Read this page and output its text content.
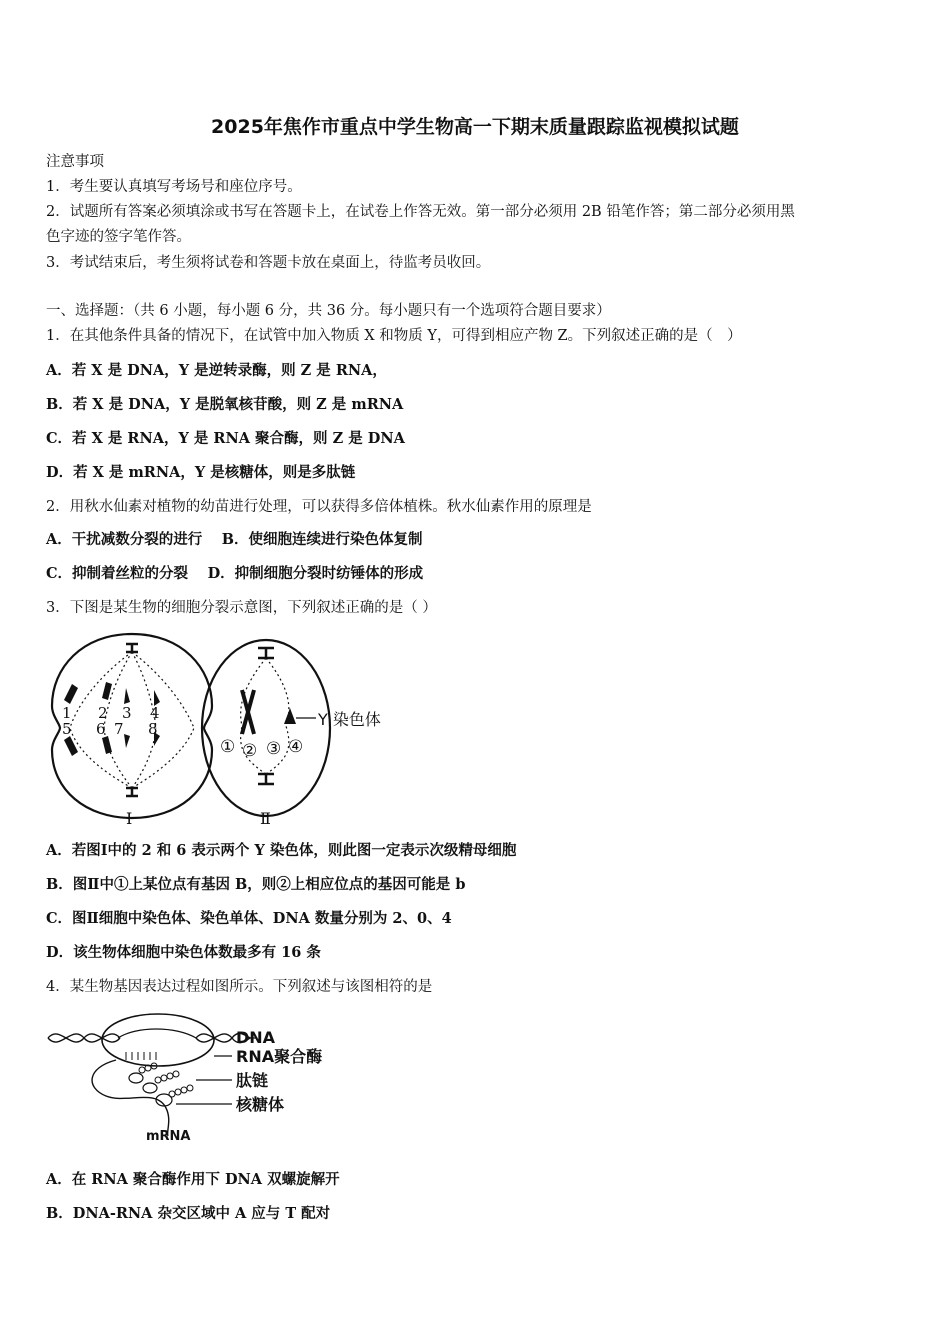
2025年焦作市重点中学生物高一下期末质量跟踪监视模拟试题
注意事项
1．考生要认真填写考场号和座位序号。
2．试题所有答案必须填涂或书写在答题卡上，在试卷上作答无效。第一部分必须用 2B 铅笔作答；第二部分必须用黑
色字迹的签字笔作答。
3．考试结束后，考生须将试卷和答题卡放在桌面上，待监考员收回。
一、选择题：（共 6 小题，每小题 6 分，共 36 分。每小题只有一个选项符合题目要求）
1．在其他条件具备的情况下，在试管中加入物质 X 和物质 Y，可得到相应产物 Z。下列叙述正确的是（　）
A．若 X 是 DNA，Y 是逆转录酶，则 Z 是 RNA，
B．若 X 是 DNA，Y 是脱氧核苷酸，则 Z 是 mRNA
C．若 X 是 RNA，Y 是 RNA 聚合酶，则 Z 是 DNA
D．若 X 是 mRNA，Y 是核糖体，则是多肽链
2．用秋水仙素对植物的幼苗进行处理，可以获得多倍体植株。秋水仙素作用的原理是
A．干扰减数分裂的进行　 B．使细胞连续进行染色体复制
C．抑制着丝粒的分裂　 D．抑制细胞分裂时纺锤体的形成
3．下图是某生物的细胞分裂示意图，下列叙述正确的是（ ）
1 2 3 4
5 6 7 8	Y 染色体
① ② ③ ④
Ⅰ	Ⅱ
A．若图Ⅰ中的 2 和 6 表示两个 Y 染色体，则此图一定表示次级精母细胞
B．图Ⅱ中①上某位点有基因 B，则②上相应位点的基因可能是 b
C．图Ⅱ细胞中染色体、染色单体、DNA 数量分别为 2、0、4
D．该生物体细胞中染色体数最多有 16 条
4．某生物基因表达过程如图所示。下列叙述与该图相符的是
DNA
RNA聚合酶
肽链
核糖体
mRNA
A．在 RNA 聚合酶作用下 DNA 双螺旋解开
B．DNA-RNA 杂交区域中 A 应与 T 配对
